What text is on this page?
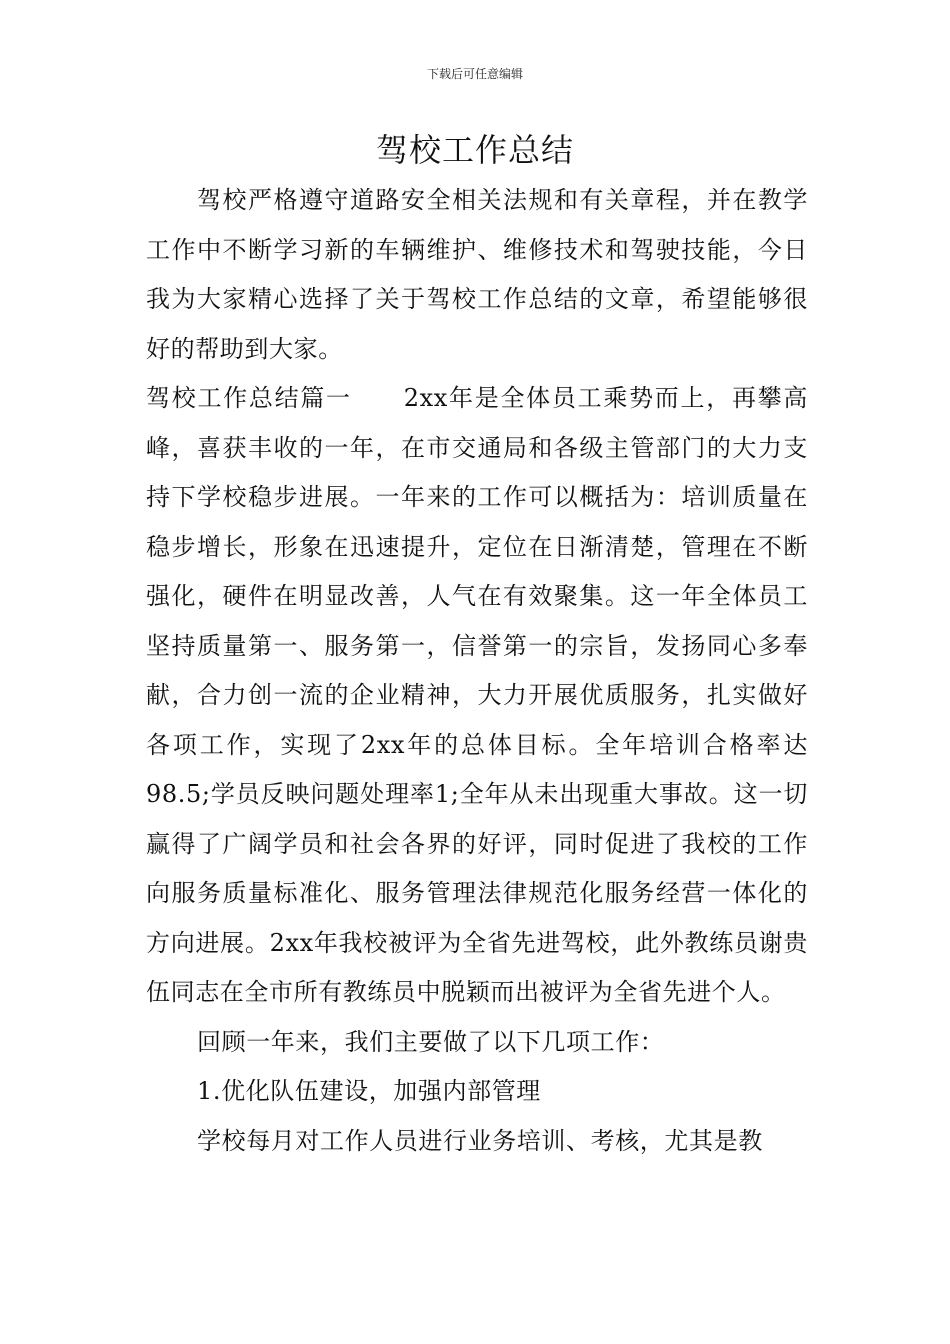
下载后可任意编辑
驾校工作总结

驾校严格遵守道路安全相关法规和有关章程，并在教学工作中不断学习新的车辆维护、维修技术和驾驶技能，今日我为大家精心选择了关于驾校工作总结的文章，希望能够很好的帮助到大家。

驾校工作总结篇一 2xx年是全体员工乘势而上，再攀高峰，喜获丰收的一年，在市交通局和各级主管部门的大力支持下学校稳步进展。一年来的工作可以概括为：培训质量在稳步增长，形象在迅速提升，定位在日渐清楚，管理在不断强化，硬件在明显改善，人气在有效聚集。这一年全体员工坚持质量第一、服务第一，信誉第一的宗旨，发扬同心多奉献，合力创一流的企业精神，大力开展优质服务，扎实做好各项工作，实现了2xx年的总体目标。全年培训合格率达98.5;学员反映问题处理率1;全年从未出现重大事故。这一切赢得了广阔学员和社会各界的好评，同时促进了我校的工作向服务质量标准化、服务管理法律规范化服务经营一体化的方向进展。2xx年我校被评为全省先进驾校，此外教练员谢贵伍同志在全市所有教练员中脱颖而出被评为全省先进个人。

回顾一年来，我们主要做了以下几项工作：

1.优化队伍建设，加强内部管理

学校每月对工作人员进行业务培训、考核，尤其是教
